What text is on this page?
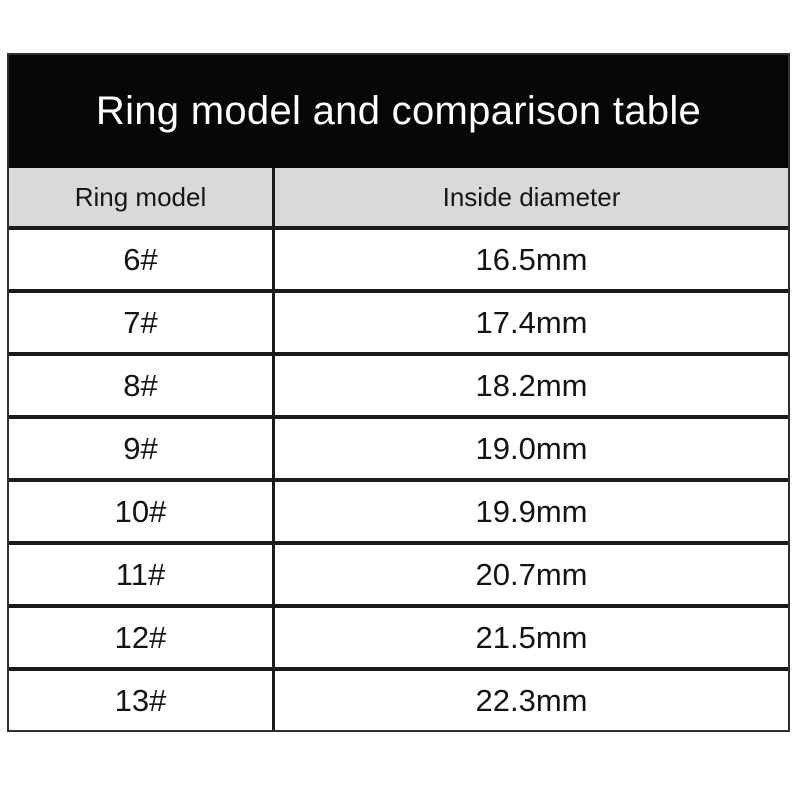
Ring model and comparison table
Ring model	Inside diameter
6#	16.5mm
7#	17.4mm
8#	18.2mm
9#	19.0mm
10#	19.9mm
11#	20.7mm
12#	21.5mm
13#	22.3mm
